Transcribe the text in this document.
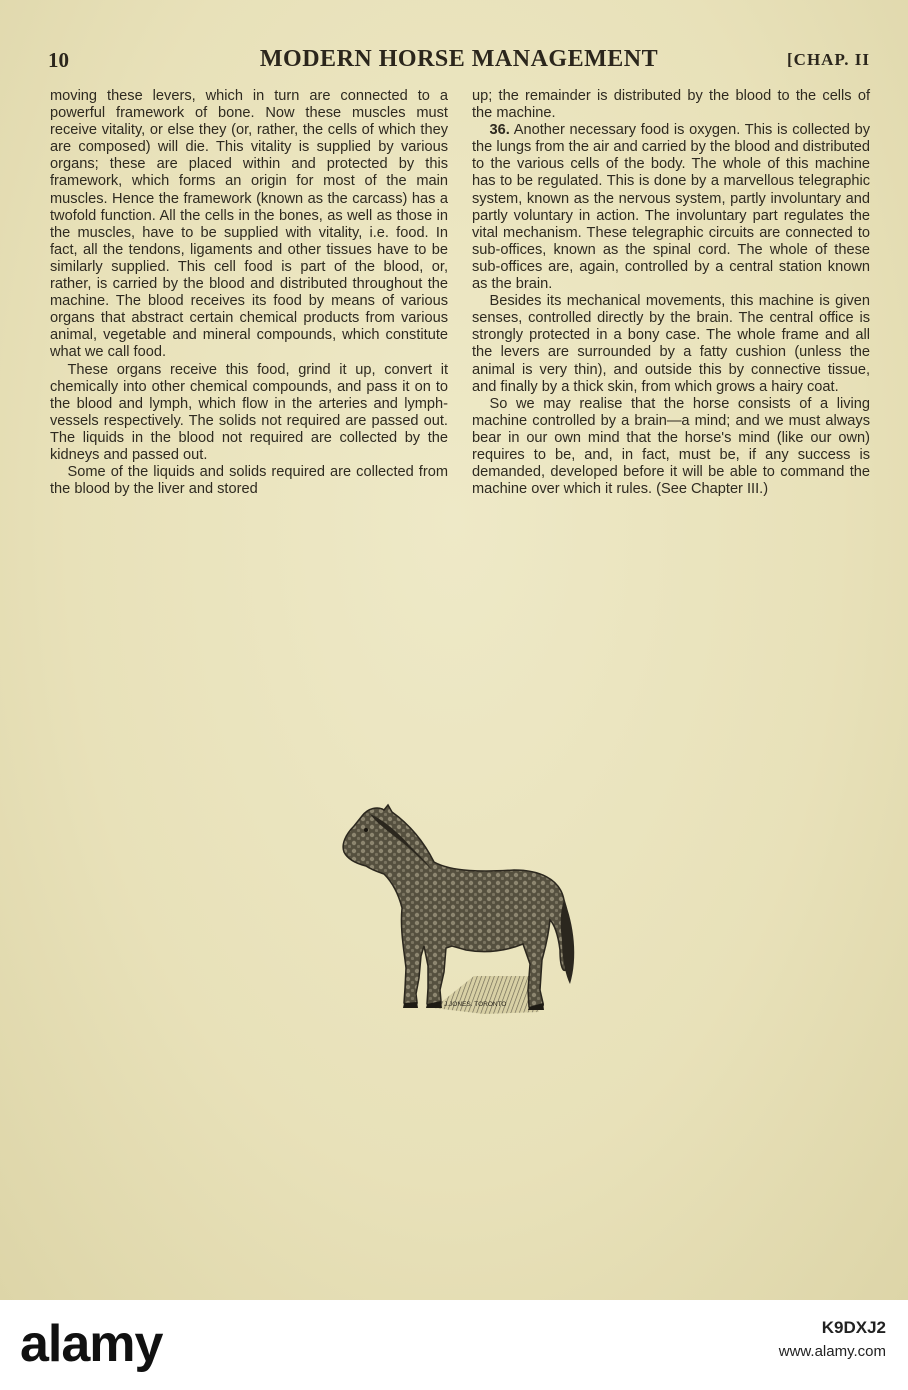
10	MODERN HORSE MANAGEMENT	[CHAP. II

moving these levers, which in turn are connected to a powerful framework of bone. Now these muscles must receive vitality, or else they (or, rather, the cells of which they are composed) will die. This vitality is supplied by various organs; these are placed within and protected by this framework, which forms an origin for most of the main muscles. Hence the framework (known as the carcass) has a twofold function. All the cells in the bones, as well as those in the muscles, have to be supplied with vitality, i.e. food. In fact, all the tendons, ligaments and other tissues have to be similarly supplied. This cell food is part of the blood, or, rather, is carried by the blood and distributed throughout the machine. The blood receives its food by means of various organs that abstract certain chemical products from various animal, vegetable and mineral compounds, which constitute what we call food.

These organs receive this food, grind it up, convert it chemically into other chemical compounds, and pass it on to the blood and lymph, which flow in the arteries and lymph-vessels respectively. The solids not required are passed out. The liquids in the blood not required are collected by the kidneys and passed out.

Some of the liquids and solids required are collected from the blood by the liver and stored

up; the remainder is distributed by the blood to the cells of the machine.

36. Another necessary food is oxygen. This is collected by the lungs from the air and carried by the blood and distributed to the various cells of the body. The whole of this machine has to be regulated. This is done by a marvellous telegraphic system, known as the nervous system, partly involuntary and partly voluntary in action. The involuntary part regulates the vital mechanism. These telegraphic circuits are connected to sub-offices, known as the spinal cord. The whole of these sub-offices are, again, controlled by a central station known as the brain.

Besides its mechanical movements, this machine is given senses, controlled directly by the brain. The central office is strongly protected in a bony case. The whole frame and all the levers are surrounded by a fatty cushion (unless the animal is very thin), and outside this by connective tissue, and finally by a thick skin, from which grows a hairy coat.

So we may realise that the horse consists of a living machine controlled by a brain—a mind; and we must always bear in our own mind that the horse's mind (like our own) requires to be, and, in fact, must be, if any success is demanded, developed before it will be able to command the machine over which it rules. (See Chapter III.)

J.JONES. TORONTO
alamy	K9DXJ2
www.alamy.com
